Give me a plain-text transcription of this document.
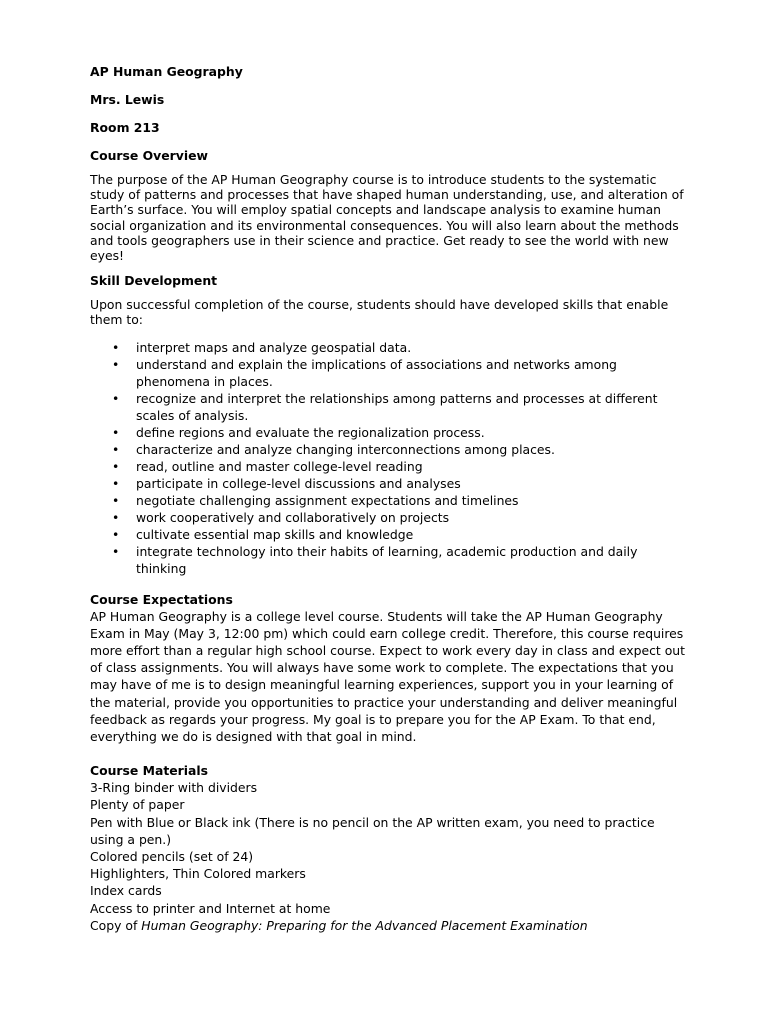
AP Human Geography

Mrs. Lewis

Room 213

Course Overview

The purpose of the AP Human Geography course is to introduce students to the systematic study of patterns and processes that have shaped human understanding, use, and alteration of Earth’s surface. You will employ spatial concepts and landscape analysis to examine human social organization and its environmental consequences. You will also learn about the methods and tools geographers use in their science and practice. Get ready to see the world with new eyes!

Skill Development

Upon successful completion of the course, students should have developed skills that enable them to:

• interpret maps and analyze geospatial data.
• understand and explain the implications of associations and networks among phenomena in places.
• recognize and interpret the relationships among patterns and processes at different scales of analysis.
• define regions and evaluate the regionalization process.
• characterize and analyze changing interconnections among places.
• read, outline and master college-level reading
• participate in college-level discussions and analyses
• negotiate challenging assignment expectations and timelines
• work cooperatively and collaboratively on projects
• cultivate essential map skills and knowledge
• integrate technology into their habits of learning, academic production and daily thinking

Course Expectations

AP Human Geography is a college level course. Students will take the AP Human Geography Exam in May (May 3, 12:00 pm) which could earn college credit. Therefore, this course requires more effort than a regular high school course. Expect to work every day in class and expect out of class assignments. You will always have some work to complete. The expectations that you may have of me is to design meaningful learning experiences, support you in your learning of the material, provide you opportunities to practice your understanding and deliver meaningful feedback as regards your progress. My goal is to prepare you for the AP Exam. To that end, everything we do is designed with that goal in mind.

Course Materials

3-Ring binder with dividers
Plenty of paper
Pen with Blue or Black ink (There is no pencil on the AP written exam, you need to practice using a pen.)
Colored pencils (set of 24)
Highlighters, Thin Colored markers
Index cards
Access to printer and Internet at home
Copy of Human Geography: Preparing for the Advanced Placement Examination
